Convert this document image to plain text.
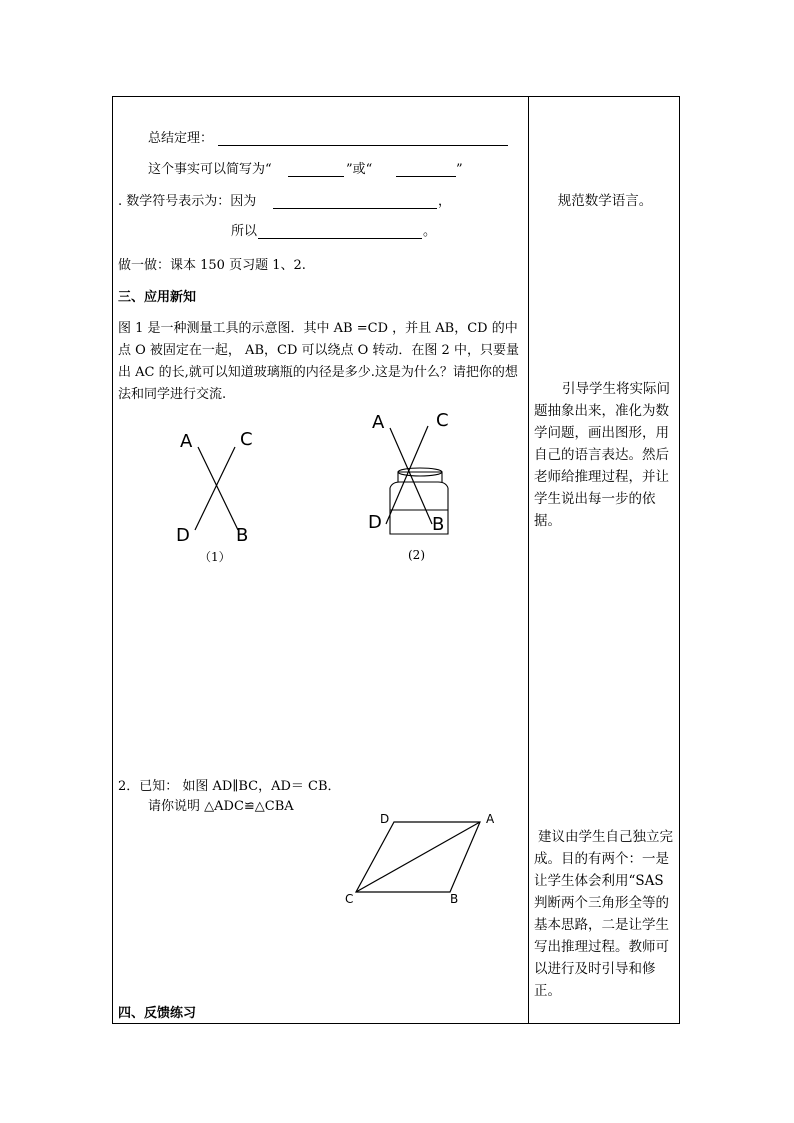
总结定理：
这个事实可以简写为“	”或“	”
. 数学符号表示为：因为	，
所以	。
做一做：课本 150 页习题 1、2.
三、应用新知
图 1 是一种测量工具的示意图．其中 AB =CD ，并且 AB，CD 的中点 O 被固定在一起， AB，CD 可以绕点 O 转动．在图 2 中，只要量出 AC 的长,就可以知道玻璃瓶的内径是多少.这是为什么？请把你的想法和同学进行交流.
A	C
D	B
（1）
A	C
D	B
(2)
2．已知： 如图 AD∥BC，AD＝ CB．
请你说明 △ADC≌△CBA
D	A
C	B
四、反馈练习
规范数学语言。
引导学生将实际问题抽象出来，准化为数学问题，画出图形，用自己的语言表达。然后老师给推理过程，并让学生说出每一步的依据。
建议由学生自己独立完成。目的有两个：一是让学生体会利用“SAS 判断两个三角形全等的基本思路，二是让学生写出推理过程。教师可以进行及时引导和修正。
